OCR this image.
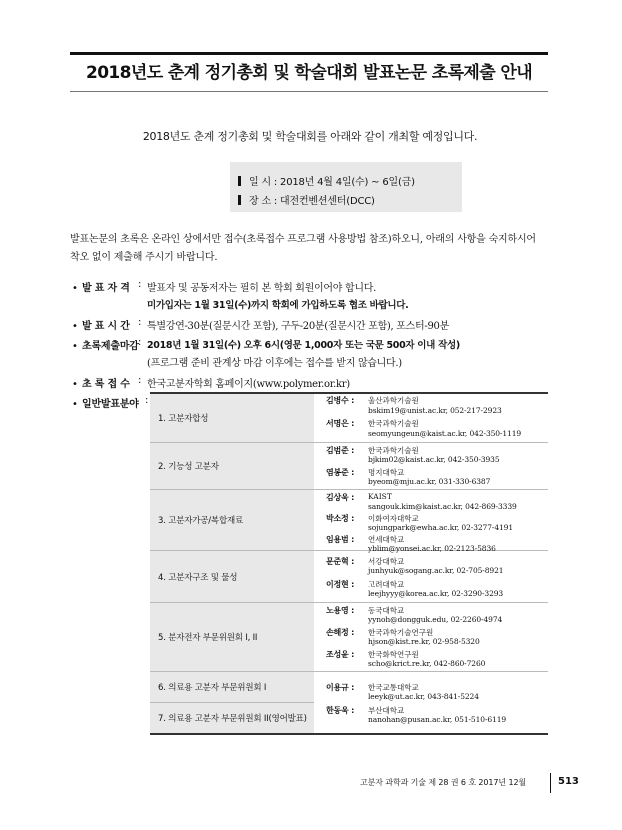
2018년도 춘계 정기총회 및 학술대회 발표논문 초록제출 안내
2018년도 춘계 정기총회 및 학술대회를 아래와 같이 개최할 예정입니다.
일 시 : 2018년 4월 4일(수) ~ 6일(금)
장 소 : 대전컨벤션센터(DCC)
발표논문의 초록은 온라인 상에서만 접수(초록접수 프로그램 사용방법 참조)하오니, 아래의 사항을 숙지하시어 착오 없이 제출해 주시기 바랍니다.
• 발 표 자 격 : 발표자 및 공동저자는 필히 본 학회 회원이어야 합니다.
미가입자는 1월 31일(수)까지 학회에 가입하도록 협조 바랍니다.
• 발 표 시 간 : 특별강연-30분(질문시간 포함), 구두-20분(질문시간 포함), 포스터-90분
• 초록제출마감 : 2018년 1월 31일(수) 오후 6시(영문 1,000자 또는 국문 500자 이내 작성)
(프로그램 준비 관계상 마감 이후에는 접수를 받지 않습니다.)
• 초 록 접 수 : 한국고분자학회 홈페이지(www.polymer.or.kr)
• 일반발표분야 :
1. 고분자합성
2. 기능성 고분자
3. 고분자가공/복합재료
4. 고분자구조 및 물성
5. 분자전자 부문위원회 I, II
6. 의료용 고분자 부문위원회 I
7. 의료용 고분자 부문위원회 II(영어발표)
김병수 : 울산과학기술원
bskim19@unist.ac.kr, 052-217-2923
서명은 : 한국과학기술원
seomyungeun@kaist.ac.kr, 042-350-1119
김범준 : 한국과학기술원
bjkim02@kaist.ac.kr, 042-350-3935
염봉준 : 명지대학교
byeom@mju.ac.kr, 031-330-6387
김상욱 : KAIST
sangouk.kim@kaist.ac.kr, 042-869-3339
박소정 : 이화여자대학교
sojungpark@ewha.ac.kr, 02-3277-4191
임용범 : 연세대학교
yblim@yonsei.ac.kr, 02-2123-5836
문준혁 : 서강대학교
junhyuk@sogang.ac.kr, 02-705-8921
이정현 : 고려대학교
leejhyyy@korea.ac.kr, 02-3290-3293
노용영 : 동국대학교
yynoh@dongguk.edu, 02-2260-4974
손해정 : 한국과학기술연구원
hjson@kist.re.kr, 02-958-5320
조성윤 : 한국화학연구원
scho@krict.re.kr, 042-860-7260
이용규 : 한국교통대학교
leeyk@ut.ac.kr, 043-841-5224
한동욱 : 부산대학교
nanohan@pusan.ac.kr, 051-510-6119
고분자 과학과 기술 제 28 권 6 호 2017년 12월	513
